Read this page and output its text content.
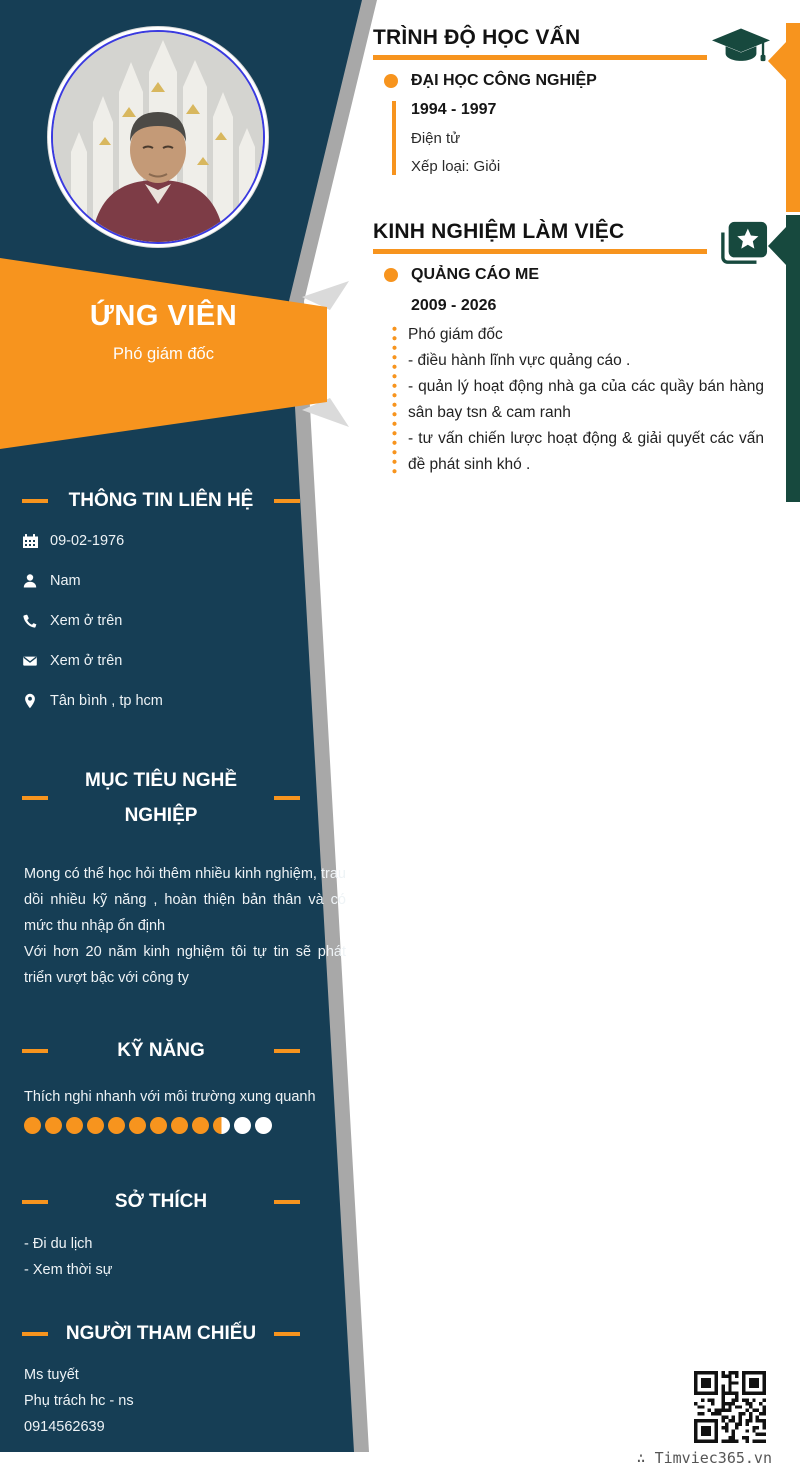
ỨNG VIÊN
Phó giám đốc
THÔNG TIN LIÊN HỆ
09-02-1976
Nam
Xem ở trên
Xem ở trên
Tân bình , tp hcm
MỤC TIÊU NGHỀ NGHIỆP
Mong có thể học hỏi thêm nhiều kinh nghiệm, trau dồi nhiều kỹ năng , hoàn thiện bản thân và có mức thu nhập ổn định
Với hơn 20 năm kinh nghiệm tôi tự tin sẽ phát triển vượt bậc với công ty
KỸ NĂNG
Thích nghi nhanh với môi trường xung quanh
SỞ THÍCH
- Đi du lịch
- Xem thời sự
NGƯỜI THAM CHIẾU
Ms tuyết
Phụ trách hc - ns
0914562639
TRÌNH ĐỘ HỌC VẤN
ĐẠI HỌC CÔNG NGHIỆP
1994 - 1997
Điện tử
Xếp loại: Giỏi
KINH NGHIỆM LÀM VIỆC
QUẢNG CÁO ME
2009 - 2026
Phó giám đốc
- điều hành lĩnh vực quảng cáo .
- quản lý hoạt động nhà ga của các quầy bán hàng sân bay tsn & cam ranh
- tư vấn chiến lược hoạt động & giải quyết các vấn đề phát sinh khó .
∴ Timviec365.vn
